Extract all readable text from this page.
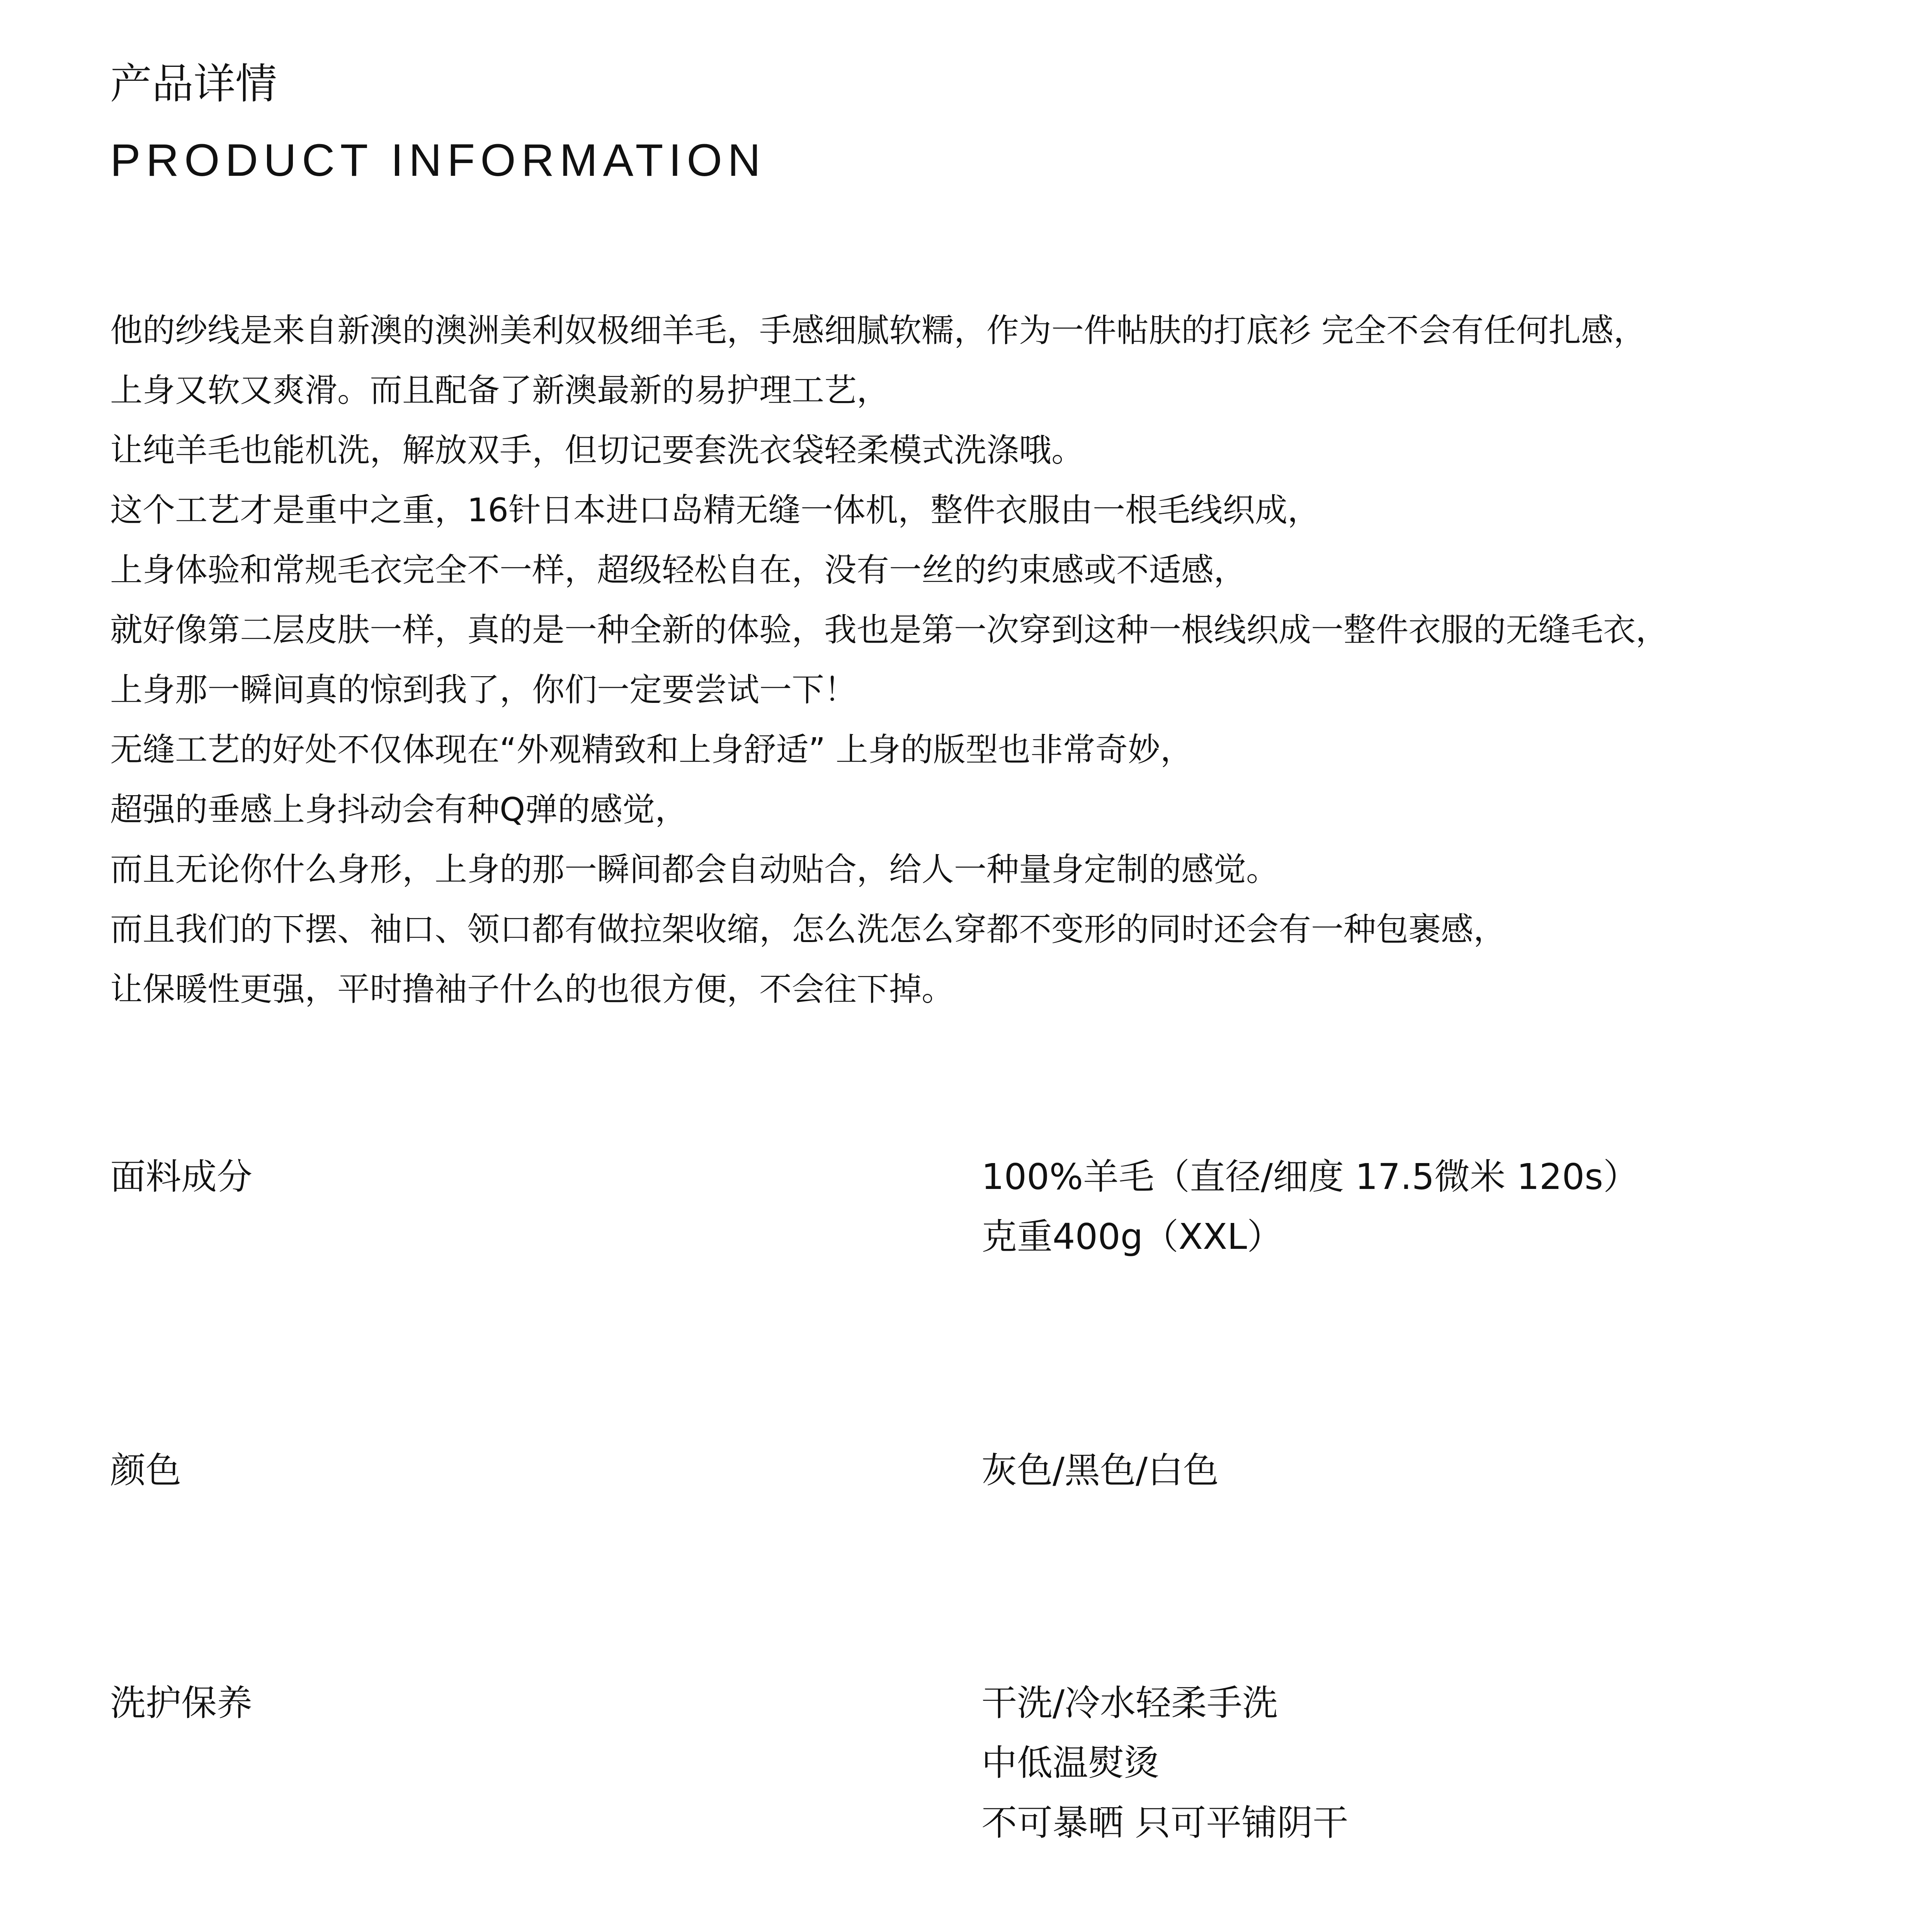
产品详情
PRODUCT INFORMATION
他的纱线是来自新澳的澳洲美利奴极细羊毛，手感细腻软糯，作为一件帖肤的打底衫 完全不会有任何扎感，
上身又软又爽滑。而且配备了新澳最新的易护理工艺，
让纯羊毛也能机洗，解放双手，但切记要套洗衣袋轻柔模式洗涤哦。
这个工艺才是重中之重，16针日本进口岛精无缝一体机，整件衣服由一根毛线织成，
上身体验和常规毛衣完全不一样，超级轻松自在，没有一丝的约束感或不适感，
就好像第二层皮肤一样，真的是一种全新的体验，我也是第一次穿到这种一根线织成一整件衣服的无缝毛衣，
上身那一瞬间真的惊到我了，你们一定要尝试一下！
无缝工艺的好处不仅体现在“外观精致和上身舒适” 上身的版型也非常奇妙，
超强的垂感上身抖动会有种Q弹的感觉，
而且无论你什么身形，上身的那一瞬间都会自动贴合，给人一种量身定制的感觉。
而且我们的下摆、袖口、领口都有做拉架收缩，怎么洗怎么穿都不变形的同时还会有一种包裹感，
让保暖性更强，平时撸袖子什么的也很方便，不会往下掉。
面料成分	100%羊毛（直径/细度 17.5微米 120s）
克重400g（XXL）
颜色	灰色/黑色/白色
洗护保养	干洗/冷水轻柔手洗
中低温熨烫
不可暴晒 只可平铺阴干
